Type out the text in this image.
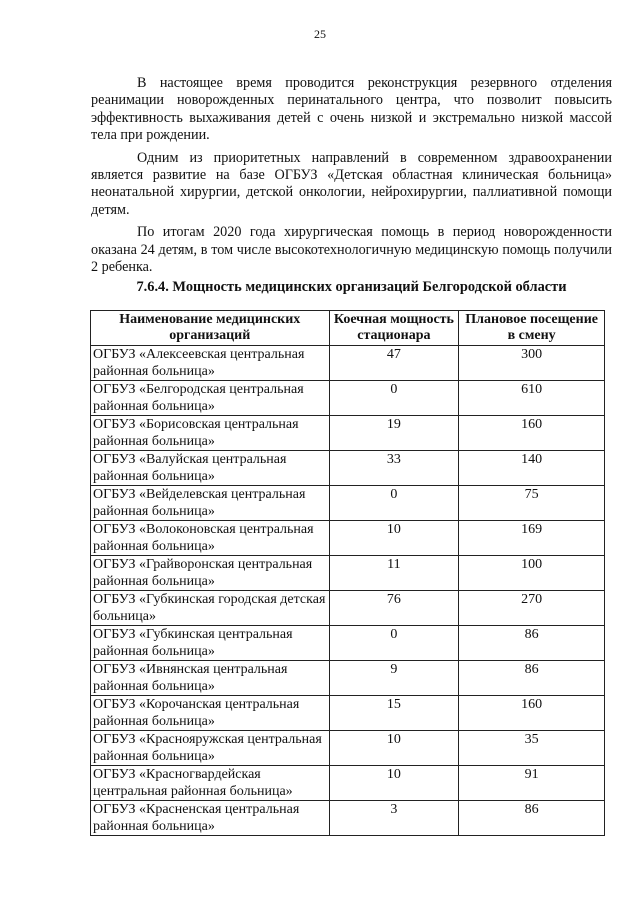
25

В настоящее время проводится реконструкция резервного отделения реанимации новорожденных перинатального центра, что позволит повысить эффективность выхаживания детей с очень низкой и экстремально низкой массой тела при рождении.

Одним из приоритетных направлений в современном здравоохранении является развитие на базе ОГБУЗ «Детская областная клиническая больница» неонатальной хирургии, детской онкологии, нейрохирургии, паллиативной помощи детям.

По итогам 2020 года хирургическая помощь в период новорожденности оказана 24 детям, в том числе высокотехнологичную медицинскую помощь получили 2 ребенка.

7.6.4. Мощность медицинских организаций Белгородской области
Наименование медицинских организаций	Коечная мощность стационара	Плановое посещение в смену
ОГБУЗ «Алексеевская центральная районная больница»	47	300
ОГБУЗ «Белгородская центральная районная больница»	0	610
ОГБУЗ «Борисовская центральная районная больница»	19	160
ОГБУЗ «Валуйская центральная районная больница»	33	140
ОГБУЗ «Вейделевская центральная районная больница»	0	75
ОГБУЗ «Волоконовская центральная районная больница»	10	169
ОГБУЗ «Грайворонская центральная районная больница»	11	100
ОГБУЗ «Губкинская городская детская больница»	76	270
ОГБУЗ «Губкинская центральная районная больница»	0	86
ОГБУЗ «Ивнянская центральная районная больница»	9	86
ОГБУЗ «Корочанская центральная районная больница»	15	160
ОГБУЗ «Краснояружская центральная районная больница»	10	35
ОГБУЗ «Красногвардейская центральная районная больница»	10	91
ОГБУЗ «Красненская центральная районная больница»	3	86
